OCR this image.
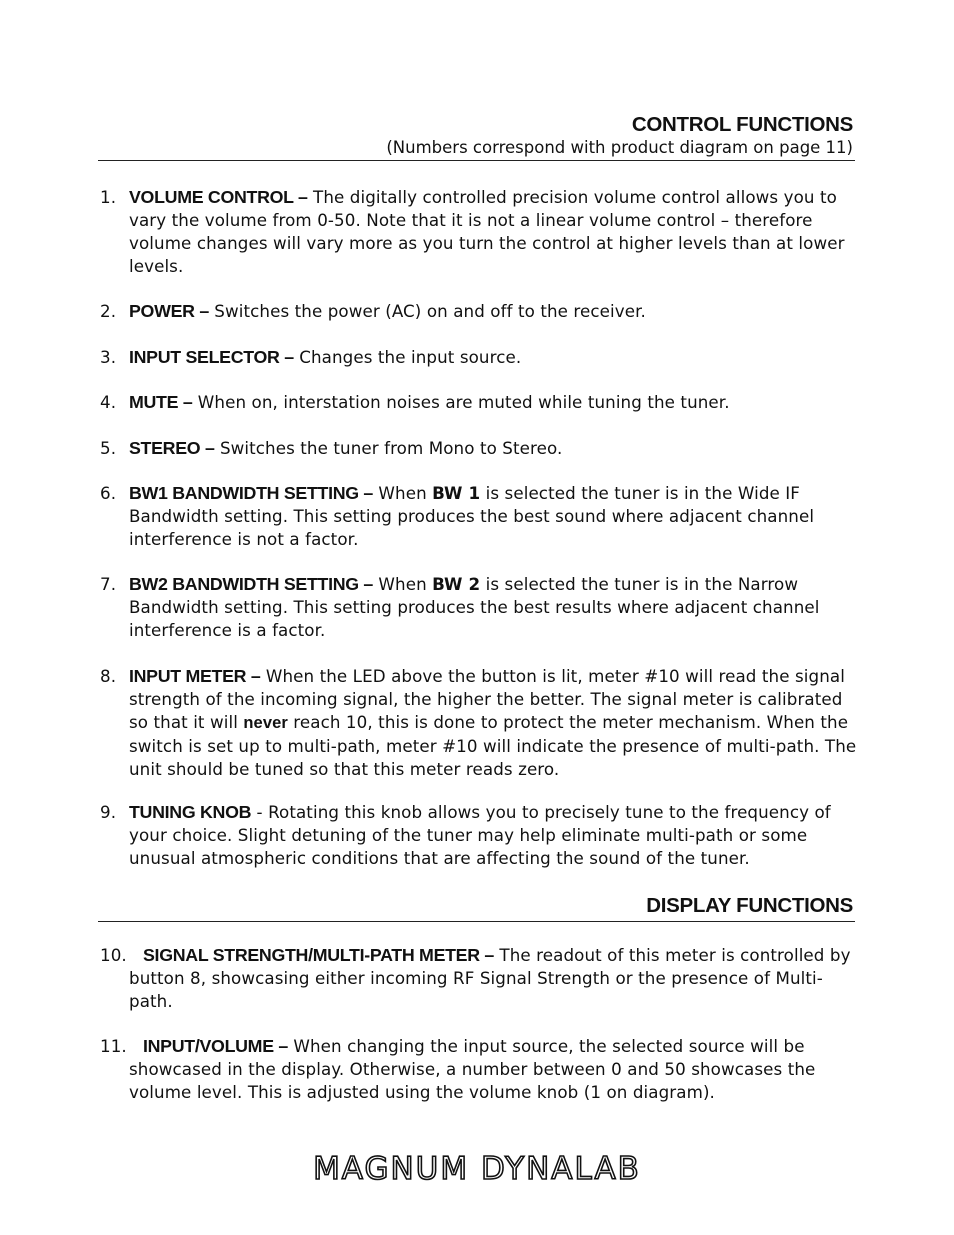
CONTROL FUNCTIONS
(Numbers correspond with product diagram on page 11)
1. VOLUME CONTROL – The digitally controlled precision volume control allows you to vary the volume from 0-50. Note that it is not a linear volume control – therefore volume changes will vary more as you turn the control at higher levels than at lower levels.
2. POWER – Switches the power (AC) on and off to the receiver.
3. INPUT SELECTOR – Changes the input source.
4. MUTE – When on, interstation noises are muted while tuning the tuner.
5. STEREO – Switches the tuner from Mono to Stereo.
6. BW1 BANDWIDTH SETTING – When BW 1 is selected the tuner is in the Wide IF Bandwidth setting. This setting produces the best sound where adjacent channel interference is not a factor.
7. BW2 BANDWIDTH SETTING – When BW 2 is selected the tuner is in the Narrow Bandwidth setting. This setting produces the best results where adjacent channel interference is a factor.
8. INPUT METER – When the LED above the button is lit, meter #10 will read the signal strength of the incoming signal, the higher the better. The signal meter is calibrated so that it will never reach 10, this is done to protect the meter mechanism. When the switch is set up to multi-path, meter #10 will indicate the presence of multi-path. The unit should be tuned so that this meter reads zero.
9. TUNING KNOB - Rotating this knob allows you to precisely tune to the frequency of your choice. Slight detuning of the tuner may help eliminate multi-path or some unusual atmospheric conditions that are affecting the sound of the tuner.
DISPLAY FUNCTIONS
10. SIGNAL STRENGTH/MULTI-PATH METER – The readout of this meter is controlled by button 8, showcasing either incoming RF Signal Strength or the presence of Multi-path.
11. INPUT/VOLUME – When changing the input source, the selected source will be showcased in the display. Otherwise, a number between 0 and 50 showcases the volume level. This is adjusted using the volume knob (1 on diagram).
MAGNUM DYNALAB
